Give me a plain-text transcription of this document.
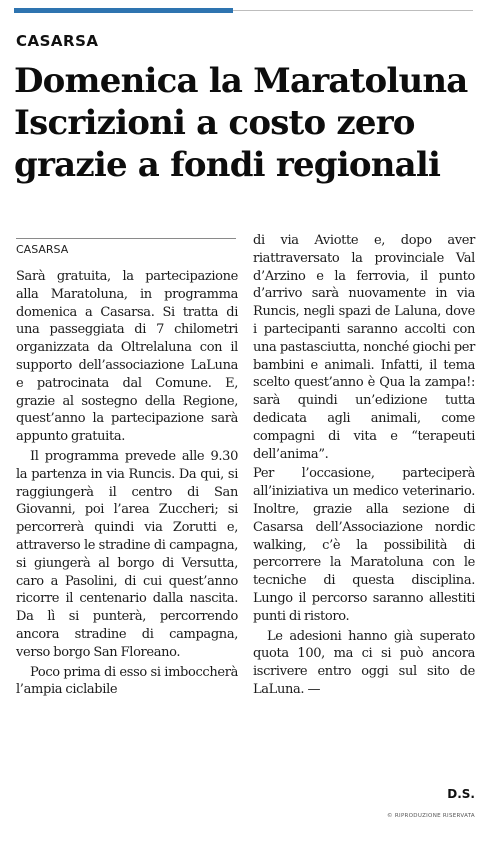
CASARSA
Domenica la Maratoluna
Iscrizioni a costo zero
grazie a fondi regionali
CASARSA

Sarà gratuita, la partecipazione alla Maratoluna, in programma domenica a Casarsa. Si tratta di una passeggiata di 7 chilometri organizzata da Oltrelaluna con il supporto dell’associazione LaLuna e patrocinata dal Comune. E, grazie al sostegno della Regione, quest’anno la partecipazione sarà appunto gratuita.

Il programma prevede alle 9.30 la partenza in via Runcis. Da qui, si raggiungerà il centro di San Giovanni, poi l’area Zuccheri; si percorrerà quindi via Zorutti e, attraverso le stradine di campagna, si giungerà al borgo di Versutta, caro a Pasolini, di cui quest’anno ricorre il centenario dalla nascita. Da lì si punterà, percorrendo ancora stradine di campagna, verso borgo San Floreano.

Poco prima di esso si imboccherà l’ampia ciclabile

di via Aviotte e, dopo aver riattraversato la provinciale Val d’Arzino e la ferrovia, il punto d’arrivo sarà nuovamente in via Runcis, negli spazi de Laluna, dove i partecipanti saranno accolti con una pastasciutta, nonché giochi per bambini e animali. Infatti, il tema scelto quest’anno è Qua la zampa!: sarà quindi un’edizione tutta dedicata agli animali, come compagni di vita e “terapeuti dell’anima”.

Per l’occasione, parteciperà all’iniziativa un medico veterinario. Inoltre, grazie alla sezione di Casarsa dell’Associazione nordic walking, c’è la possibilità di percorrere la Maratoluna con le tecniche di questa disciplina. Lungo il percorso saranno allestiti punti di ristoro.

Le adesioni hanno già superato quota 100, ma ci si può ancora iscrivere entro oggi sul sito de LaLuna. —

D.S.
© RIPRODUZIONE RISERVATA
